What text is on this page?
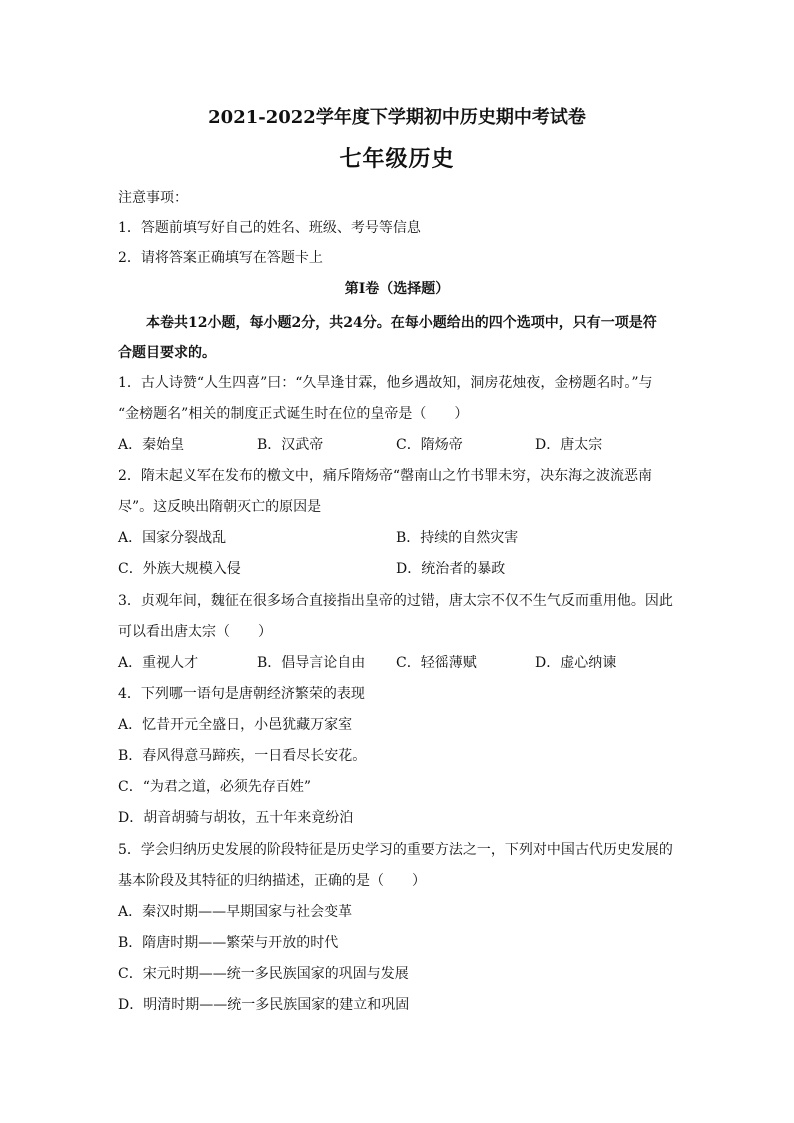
2021-2022学年度下学期初中历史期中考试卷
七年级历史
注意事项：
1．答题前填写好自己的姓名、班级、考号等信息
2．请将答案正确填写在答题卡上
第Ⅰ卷（选择题）
本卷共12小题，每小题2分，共24分。在每小题给出的四个选项中，只有一项是符
合题目要求的。
1．古人诗赞“人生四喜”曰：“久旱逢甘霖，他乡遇故知，洞房花烛夜，金榜题名时。”与
“金榜题名”相关的制度正式诞生时在位的皇帝是（　　）
A．秦始皇	B．汉武帝	C．隋炀帝	D．唐太宗
2．隋末起义军在发布的檄文中，痛斥隋炀帝“罄南山之竹书罪未穷，决东海之波流恶南
尽”。这反映出隋朝灭亡的原因是
A．国家分裂战乱	B．持续的自然灾害
C．外族大规模入侵	D．统治者的暴政
3．贞观年间，魏征在很多场合直接指出皇帝的过错，唐太宗不仅不生气反而重用他。因此
可以看出唐太宗（　　）
A．重视人才	B．倡导言论自由 C．轻徭薄赋	D．虚心纳谏
4．下列哪一语句是唐朝经济繁荣的表现
A．忆昔开元全盛日，小邑犹藏万家室
B．春风得意马蹄疾，一日看尽长安花。
C．“为君之道，必须先存百姓”
D．胡音胡骑与胡妆，五十年来竟纷泊
5．学会归纳历史发展的阶段特征是历史学习的重要方法之一，下列对中国古代历史发展的
基本阶段及其特征的归纳描述，正确的是（　　）
A．秦汉时期——早期国家与社会变革
B．隋唐时期——繁荣与开放的时代
C．宋元时期——统一多民族国家的巩固与发展
D．明清时期——统一多民族国家的建立和巩固
